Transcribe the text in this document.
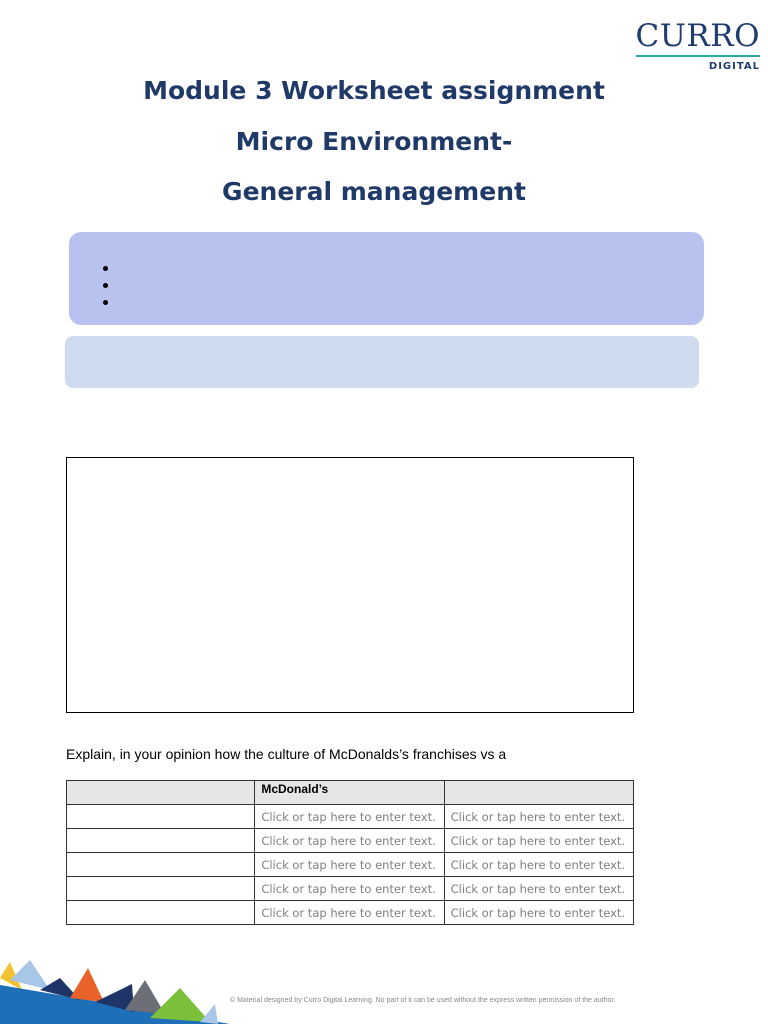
CURRO
DIGITAL
Module 3 Worksheet assignment
Micro Environment-
General management
Explain, in your opinion how the culture of McDonalds’s franchises vs a
	McDonald’s	
	Click or tap here to enter text.	Click or tap here to enter text.
	Click or tap here to enter text.	Click or tap here to enter text.
	Click or tap here to enter text.	Click or tap here to enter text.
	Click or tap here to enter text.	Click or tap here to enter text.
	Click or tap here to enter text.	Click or tap here to enter text.
© Material designed by Curro Digital Learning. No part of it can be used without the express written permission of the author.
